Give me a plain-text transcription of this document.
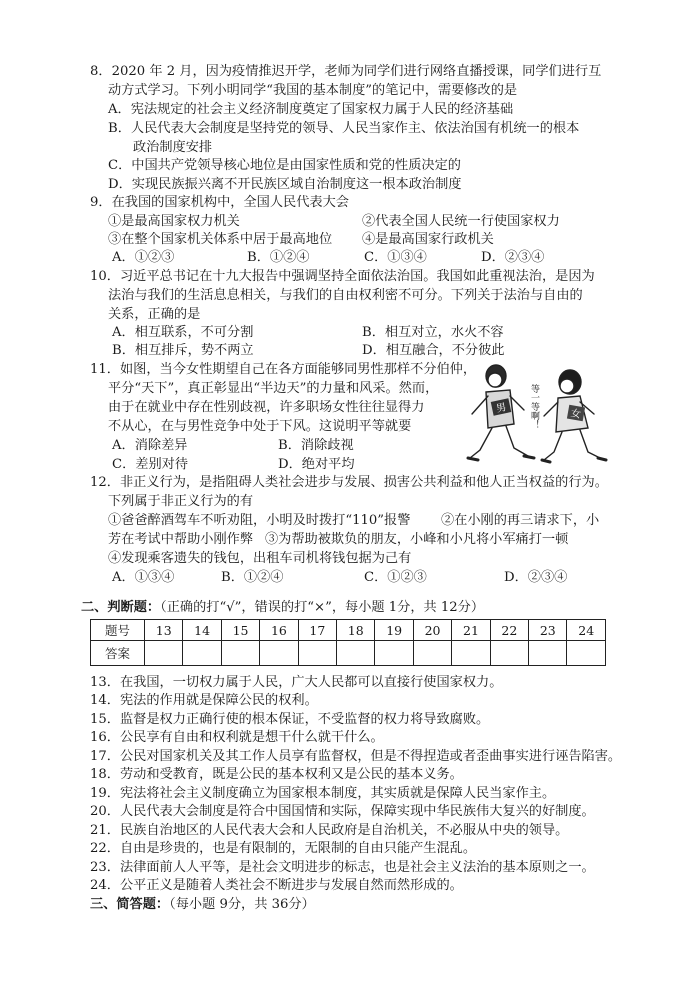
8．2020 年 2 月，因为疫情推迟开学，老师为同学们进行网络直播授课，同学们进行互
动方式学习。下列小明同学“我国的基本制度”的笔记中，需要修改的是
A．宪法规定的社会主义经济制度奠定了国家权力属于人民的经济基础
B．人民代表大会制度是坚持党的领导、人民当家作主、依法治国有机统一的根本
政治制度安排
C．中国共产党领导核心地位是由国家性质和党的性质决定的
D．实现民族振兴离不开民族区域自治制度这一根本政治制度
9．在我国的国家机构中，全国人民代表大会
①是最高国家权力机关	②代表全国人民统一行使国家权力
③在整个国家机关体系中居于最高地位 ④是最高国家行政机关
A．①②③	B．①②④	C．①③④	D．②③④
10．习近平总书记在十九大报告中强调坚持全面依法治国。我国如此重视法治，是因为
法治与我们的生活息息相关，与我们的自由权利密不可分。下列关于法治与自由的
关系，正确的是
A．相互联系，不可分割	B．相互对立，水火不容
B．相互排斥，势不两立	D．相互融合，不分彼此
11．如图，当今女性期望自己在各方面能够同男性那样不分伯仲，
平分“天下”，真正彰显出“半边天”的力量和风采。然而，
由于在就业中存在性别歧视，许多职场女性往往显得力
不从心，在与男性竞争中处于下风。这说明平等就要
A．消除差异	B．消除歧视
C．差别对待	D．绝对平均
男	女
等一等啊！
12．非正义行为，是指阻碍人类社会进步与发展、损害公共利益和他人正当权益的行为。
下列属于非正义行为的有
①爸爸醉酒驾车不听劝阻，小明及时拨打“110”报警 ②在小刚的再三请求下，小
芳在考试中帮助小刚作弊 ③为帮助被欺负的朋友，小峰和小凡将小军痛打一顿
④发现乘客遗失的钱包，出租车司机将钱包据为己有
A．①③④	B．①②④	C．①②③	D．②③④
二、判断题：（正确的打“√”，错误的打“×”，每小题 1分，共 12分）
题号	13	14	15	16	17	18	19	20	21	22	23	24
答案												
13．在我国，一切权力属于人民，广大人民都可以直接行使国家权力。
14．宪法的作用就是保障公民的权利。
15．监督是权力正确行使的根本保证，不受监督的权力将导致腐败。
16．公民享有自由和权利就是想干什么就干什么。
17．公民对国家机关及其工作人员享有监督权，但是不得捏造或者歪曲事实进行诬告陷害。
18．劳动和受教育，既是公民的基本权利又是公民的基本义务。
19．宪法将社会主义制度确立为国家根本制度，其实质就是保障人民当家作主。
20．人民代表大会制度是符合中国国情和实际，保障实现中华民族伟大复兴的好制度。
21．民族自治地区的人民代表大会和人民政府是自治机关，不必服从中央的领导。
22．自由是珍贵的，也是有限制的，无限制的自由只能产生混乱。
23．法律面前人人平等，是社会文明进步的标志，也是社会主义法治的基本原则之一。
24．公平正义是随着人类社会不断进步与发展自然而然形成的。
三、简答题：（每小题 9分，共 36分）
